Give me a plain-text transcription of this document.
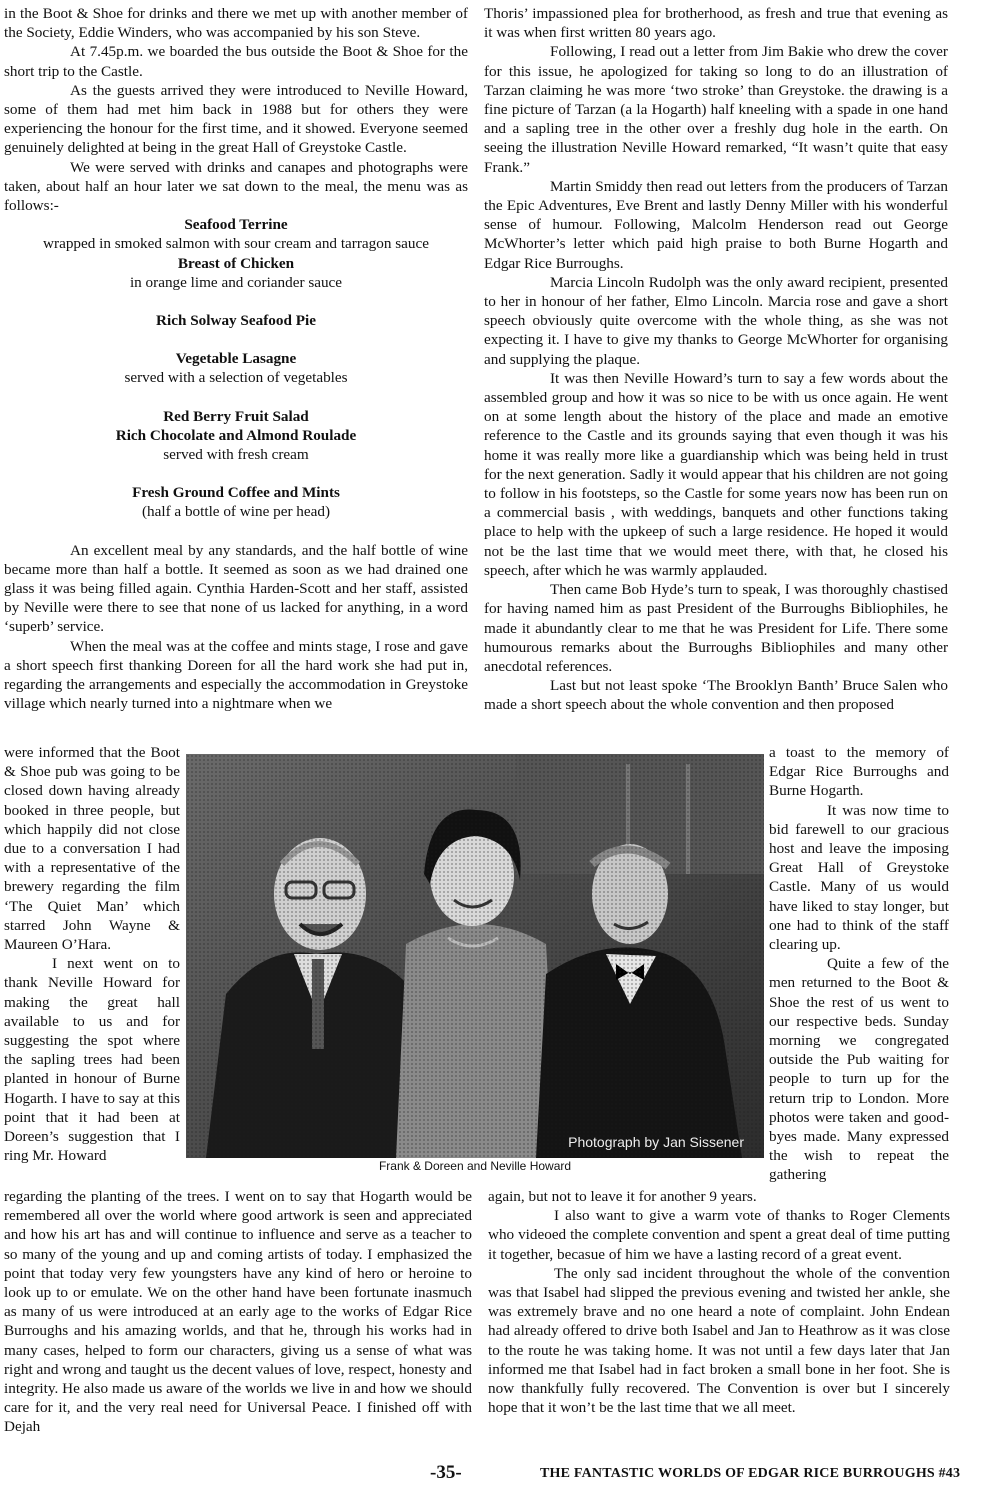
in the Boot & Shoe for drinks and there we met up with another member of the Society, Eddie Winders, who was accompanied by his son Steve.

At 7.45p.m. we boarded the bus outside the Boot & Shoe for the short trip to the Castle.

As the guests arrived they were introduced to Neville Howard, some of them had met him back in 1988 but for others they were experiencing the honour for the first time, and it showed. Everyone seemed genuinely delighted at being in the great Hall of Greystoke Castle.

We were served with drinks and canapes and photographs were taken, about half an hour later we sat down to the meal, the menu was as follows:-

Seafood Terrine
wrapped in smoked salmon with sour cream and tarragon sauce
Breast of Chicken
in orange lime and coriander sauce
Rich Solway Seafood Pie
Vegetable Lasagne
served with a selection of vegetables
Red Berry Fruit Salad
Rich Chocolate and Almond Roulade
served with fresh cream
Fresh Ground Coffee and Mints
(half a bottle of wine per head)

An excellent meal by any standards, and the half bottle of wine became more than half a bottle. It seemed as soon as we had drained one glass it was being filled again. Cynthia Harden-Scott and her staff, assisted by Neville were there to see that none of us lacked for anything, in a word ‘superb’ service.

When the meal was at the coffee and mints stage, I rose and gave a short speech first thanking Doreen for all the hard work she had put in, regarding the arrangements and especially the accommodation in Greystoke village which nearly turned into a nightmare when we

Thoris’ impassioned plea for brotherhood, as fresh and true that evening as it was when first written 80 years ago.

Following, I read out a letter from Jim Bakie who drew the cover for this issue, he apologized for taking so long to do an illustration of Tarzan claiming he was more ‘two stroke’ than Greystoke. the drawing is a fine picture of Tarzan (a la Hogarth) half kneeling with a spade in one hand and a sapling tree in the other over a freshly dug hole in the earth. On seeing the illustration Neville Howard remarked, “It wasn’t quite that easy Frank.”

Martin Smiddy then read out letters from the producers of Tarzan the Epic Adventures, Eve Brent and lastly Denny Miller with his wonderful sense of humour. Following, Malcolm Henderson read out George McWhorter’s letter which paid high praise to both Burne Hogarth and Edgar Rice Burroughs.

Marcia Lincoln Rudolph was the only award recipient, presented to her in honour of her father, Elmo Lincoln. Marcia rose and gave a short speech obviously quite overcome with the whole thing, as she was not expecting it. I have to give my thanks to George McWhorter for organising and supplying the plaque.

It was then Neville Howard’s turn to say a few words about the assembled group and how it was so nice to be with us once again. He went on at some length about the history of the place and made an emotive reference to the Castle and its grounds saying that even though it was his home it was really more like a guardianship which was being held in trust for the next generation. Sadly it would appear that his children are not going to follow in his footsteps, so the Castle for some years now has been run on a commercial basis , with weddings, banquets and other functions taking place to help with the upkeep of such a large residence. He hoped it would not be the last time that we would meet there, with that, he closed his speech, after which he was warmly applauded.

Then came Bob Hyde’s turn to speak, I was thoroughly chastised for having named him as past President of the Burroughs Bibliophiles, he made it abundantly clear to me that he was President for Life. There some humourous remarks about the Burroughs Bibliophiles and many other anecdotal references.

Last but not least spoke ‘The Brooklyn Banth’ Bruce Salen who made a short speech about the whole convention and then proposed

were informed that the Boot & Shoe pub was going to be closed down having already booked in three people, but which happily did not close due to a conversation I had with a representative of the brewery regarding the film ‘The Quiet Man’ which starred John Wayne & Maureen O’Hara.

I next went on to thank Neville Howard for making the great hall available to us and for suggesting the spot where the sapling trees had been planted in honour of Burne Hogarth. I have to say at this point that it had been at Doreen’s suggestion that I ring Mr. Howard

a toast to the memory of Edgar Rice Burroughs and Burne Hogarth.

It was now time to bid farewell to our gracious host and leave the imposing Great Hall of Greystoke Castle. Many of us would have liked to stay longer, but one had to think of the staff clearing up.

Quite a few of the men returned to the Boot & Shoe the rest of us went to our respective beds. Sunday morning we congregated outside the Pub waiting for people to turn up for the return trip to London. More photos were taken and good-byes made. Many expressed the wish to repeat the gathering

Photograph by Jan Sissener
Frank & Doreen and Neville Howard

regarding the planting of the trees. I went on to say that Hogarth would be remembered all over the world where good artwork is seen and appreciated and how his art has and will continue to influence and serve as a teacher to so many of the young and up and coming artists of today. I emphasized the point that today very few youngsters have any kind of hero or heroine to look up to or emulate. We on the other hand have been fortunate inasmuch as many of us were introduced at an early age to the works of Edgar Rice Burroughs and his amazing worlds, and that he, through his works had in many cases, helped to form our characters, giving us a sense of what was right and wrong and taught us the decent values of love, respect, honesty and integrity. He also made us aware of the worlds we live in and how we should care for it, and the very real need for Universal Peace. I finished off with Dejah

again, but not to leave it for another 9 years.

I also want to give a warm vote of thanks to Roger Clements who videoed the complete convention and spent a great deal of time putting it together, becasue of him we have a lasting record of a great event.

The only sad incident throughout the whole of the convention was that Isabel had slipped the previous evening and twisted her ankle, she was extremely brave and no one heard a note of complaint. John Endean had already offered to drive both Isabel and Jan to Heathrow as it was close to the route he was taking home. It was not until a few days later that Jan informed me that Isabel had in fact broken a small bone in her foot. She is now thankfully fully recovered. The Convention is over but I sincerely hope that it won’t be the last time that we all meet.

-35-	THE FANTASTIC WORLDS OF EDGAR RICE BURROUGHS #43
